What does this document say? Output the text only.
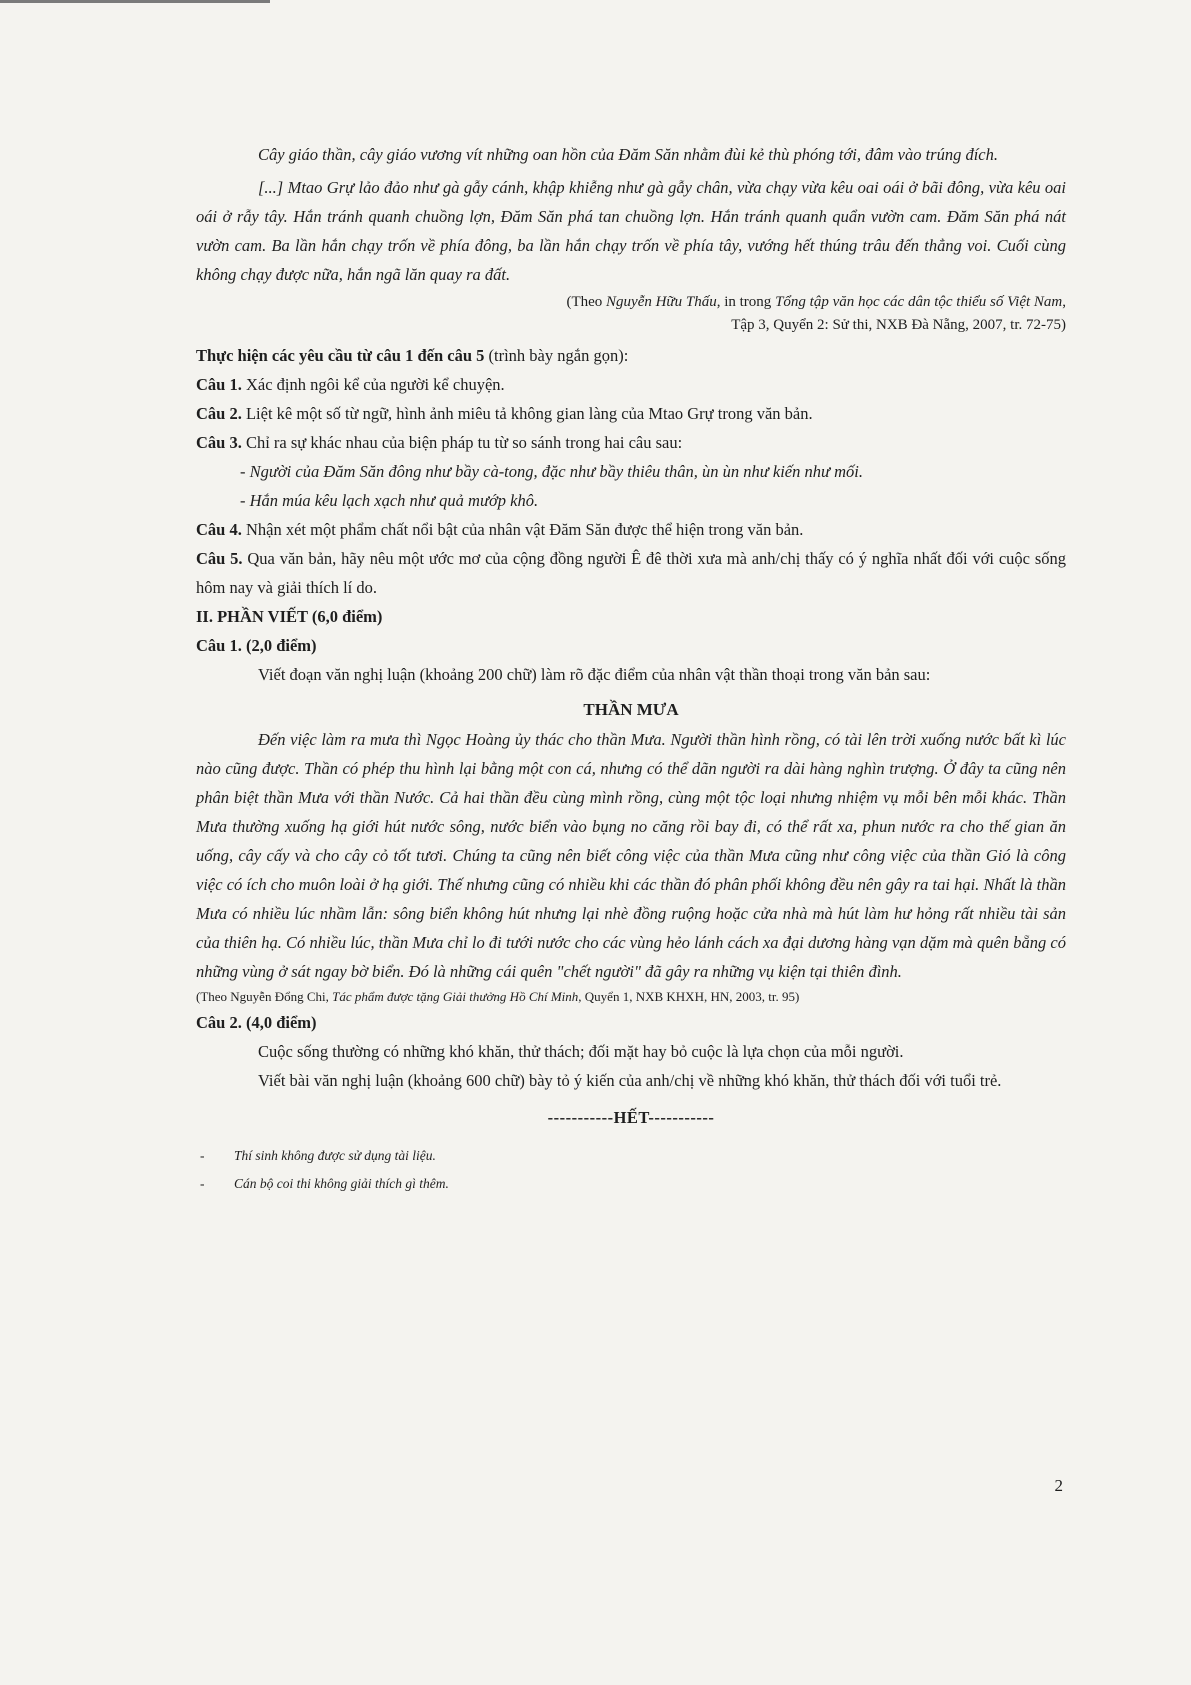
Cây giáo thần, cây giáo vương vít những oan hồn của Đăm Săn nhằm đùi kẻ thù phóng tới, đâm vào trúng đích.

[...] Mtao Grự lảo đảo như gà gẫy cánh, khập khiễng như gà gẫy chân, vừa chạy vừa kêu oai oái ở bãi đông, vừa kêu oai oái ở rẫy tây. Hắn tránh quanh chuồng lợn, Đăm Săn phá tan chuồng lợn. Hắn tránh quanh quẩn vườn cam. Đăm Săn phá nát vườn cam. Ba lần hắn chạy trốn về phía đông, ba lần hắn chạy trốn về phía tây, vướng hết thúng trâu đến thẳng voi. Cuối cùng không chạy được nữa, hắn ngã lăn quay ra đất.

(Theo Nguyễn Hữu Thấu, in trong Tổng tập văn học các dân tộc thiểu số Việt Nam,
Tập 3, Quyển 2: Sử thi, NXB Đà Nẵng, 2007, tr. 72-75)

Thực hiện các yêu cầu từ câu 1 đến câu 5 (trình bày ngắn gọn):

Câu 1. Xác định ngôi kể của người kể chuyện.

Câu 2. Liệt kê một số từ ngữ, hình ảnh miêu tả không gian làng của Mtao Grự trong văn bản.

Câu 3. Chỉ ra sự khác nhau của biện pháp tu từ so sánh trong hai câu sau:

- Người của Đăm Săn đông như bầy cà-tong, đặc như bầy thiêu thân, ùn ùn như kiến như mối.

- Hắn múa kêu lạch xạch như quả mướp khô.

Câu 4. Nhận xét một phẩm chất nổi bật của nhân vật Đăm Săn được thể hiện trong văn bản.

Câu 5. Qua văn bản, hãy nêu một ước mơ của cộng đồng người Ê đê thời xưa mà anh/chị thấy có ý nghĩa nhất đối với cuộc sống hôm nay và giải thích lí do.

II. PHẦN VIẾT (6,0 điểm)

Câu 1. (2,0 điểm)

Viết đoạn văn nghị luận (khoảng 200 chữ) làm rõ đặc điểm của nhân vật thần thoại trong văn bản sau:

THẦN MƯA

Đến việc làm ra mưa thì Ngọc Hoàng ủy thác cho thần Mưa. Người thần hình rồng, có tài lên trời xuống nước bất kì lúc nào cũng được. Thần có phép thu hình lại bằng một con cá, nhưng có thể dãn người ra dài hàng nghìn trượng. Ở đây ta cũng nên phân biệt thần Mưa với thần Nước. Cả hai thần đều cùng mình rồng, cùng một tộc loại nhưng nhiệm vụ mỗi bên mỗi khác. Thần Mưa thường xuống hạ giới hút nước sông, nước biển vào bụng no căng rồi bay đi, có thể rất xa, phun nước ra cho thế gian ăn uống, cây cấy và cho cây cỏ tốt tươi. Chúng ta cũng nên biết công việc của thần Mưa cũng như công việc của thần Gió là công việc có ích cho muôn loài ở hạ giới. Thế nhưng cũng có nhiều khi các thần đó phân phối không đều nên gây ra tai hại. Nhất là thần Mưa có nhiều lúc nhầm lẫn: sông biển không hút nhưng lại nhè đồng ruộng hoặc cửa nhà mà hút làm hư hỏng rất nhiều tài sản của thiên hạ. Có nhiều lúc, thần Mưa chỉ lo đi tưới nước cho các vùng hẻo lánh cách xa đại dương hàng vạn dặm mà quên bẵng có những vùng ở sát ngay bờ biển. Đó là những cái quên "chết người" đã gây ra những vụ kiện tại thiên đình.

(Theo Nguyễn Đổng Chi, Tác phẩm được tặng Giải thưởng Hồ Chí Minh, Quyển 1, NXB KHXH, HN, 2003, tr. 95)

Câu 2. (4,0 điểm)

Cuộc sống thường có những khó khăn, thử thách; đối mặt hay bỏ cuộc là lựa chọn của mỗi người.

Viết bài văn nghị luận (khoảng 600 chữ) bày tỏ ý kiến của anh/chị về những khó khăn, thử thách đối với tuổi trẻ.

-----------HẾT-----------

- Thí sinh không được sử dụng tài liệu.
- Cán bộ coi thi không giải thích gì thêm.
2
